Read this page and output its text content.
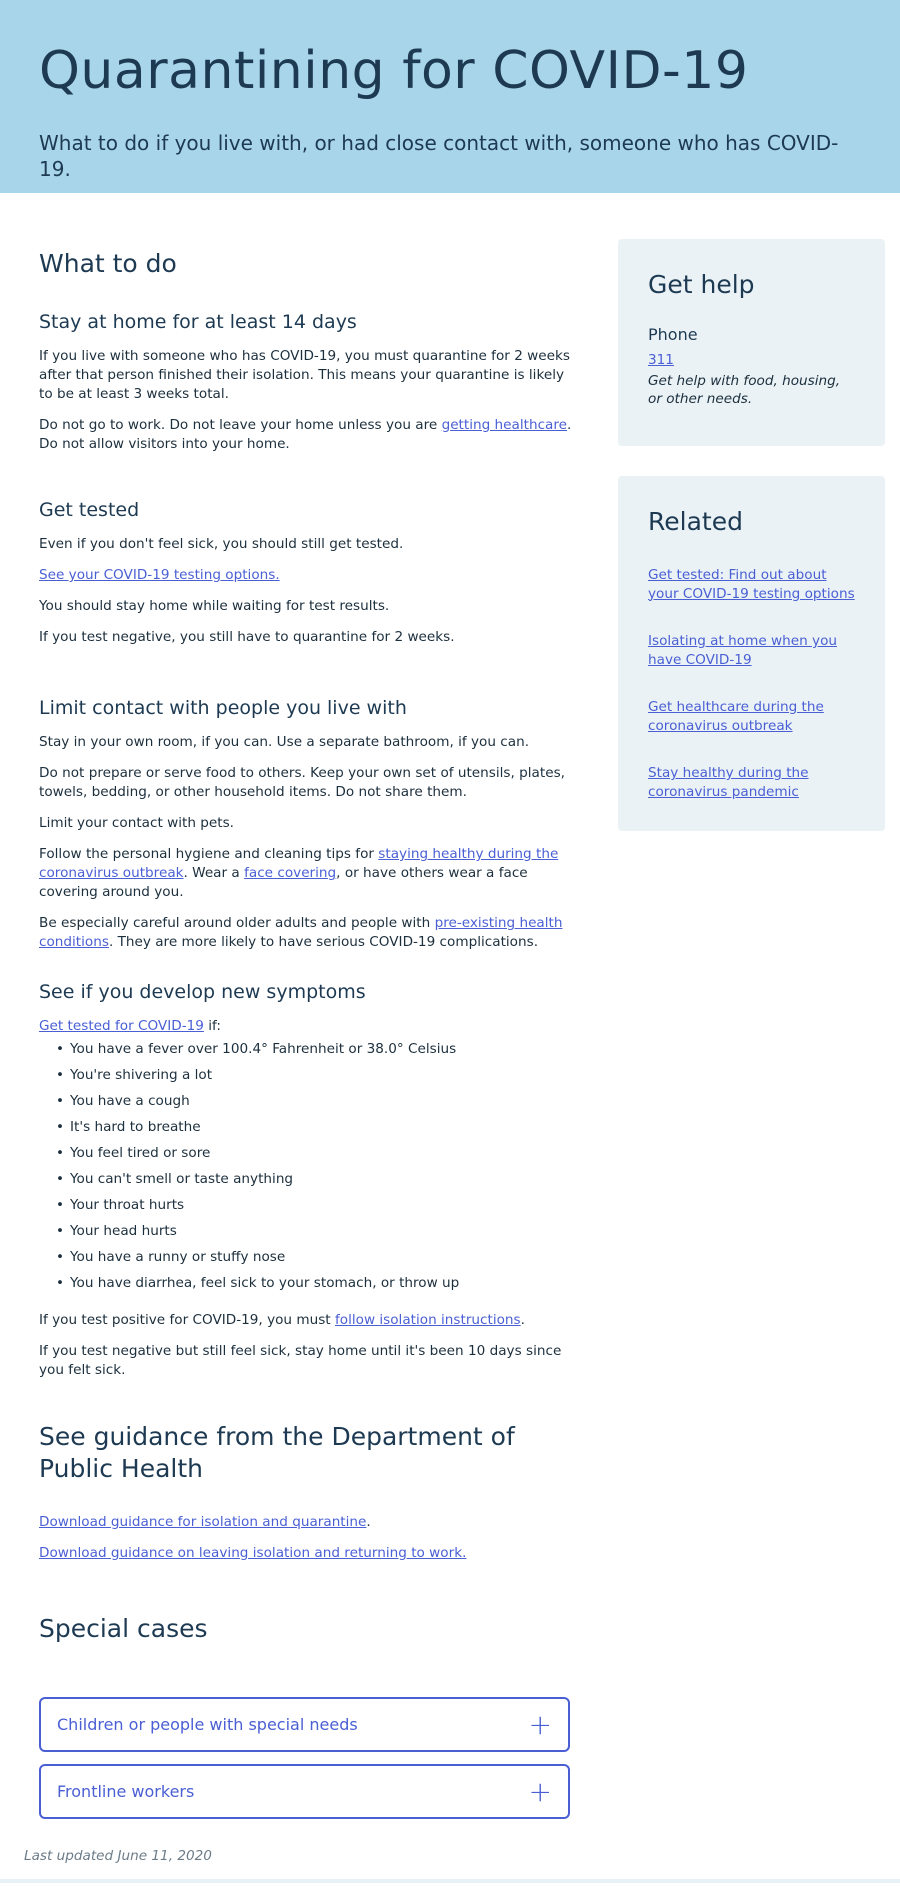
Quarantining for COVID-19

What to do if you live with, or had close contact with, someone who has COVID-19.

What to do
Stay at home for at least 14 days

If you live with someone who has COVID-19, you must quarantine for 2 weeks after that person finished their isolation. This means your quarantine is likely to be at least 3 weeks total.

Do not go to work. Do not leave your home unless you are getting healthcare. Do not allow visitors into your home.

Get tested

Even if you don't feel sick, you should still get tested.

See your COVID-19 testing options.

You should stay home while waiting for test results.

If you test negative, you still have to quarantine for 2 weeks.

Limit contact with people you live with

Stay in your own room, if you can. Use a separate bathroom, if you can.

Do not prepare or serve food to others. Keep your own set of utensils, plates, towels, bedding, or other household items. Do not share them.

Limit your contact with pets.

Follow the personal hygiene and cleaning tips for staying healthy during the coronavirus outbreak. Wear a face covering, or have others wear a face covering around you.

Be especially careful around older adults and people with pre-existing health conditions. They are more likely to have serious COVID-19 complications.

See if you develop new symptoms

Get tested for COVID-19 if:

• You have a fever over 100.4° Fahrenheit or 38.0° Celsius
• You're shivering a lot
• You have a cough
• It's hard to breathe
• You feel tired or sore
• You can't smell or taste anything
• Your throat hurts
• Your head hurts
• You have a runny or stuffy nose
• You have diarrhea, feel sick to your stomach, or throw up

If you test positive for COVID-19, you must follow isolation instructions.

If you test negative but still feel sick, stay home until it's been 10 days since you felt sick.

See guidance from the Department of Public Health

Download guidance for isolation and quarantine.

Download guidance on leaving isolation and returning to work.

Special cases
Children or people with special needs	+
Frontline workers	+
Get help
Phone
311
Get help with food, housing, or other needs.
Related
Get tested: Find out about your COVID-19 testing options
Isolating at home when you have COVID-19
Get healthcare during the coronavirus outbreak
Stay healthy during the coronavirus pandemic

Last updated June 11, 2020
